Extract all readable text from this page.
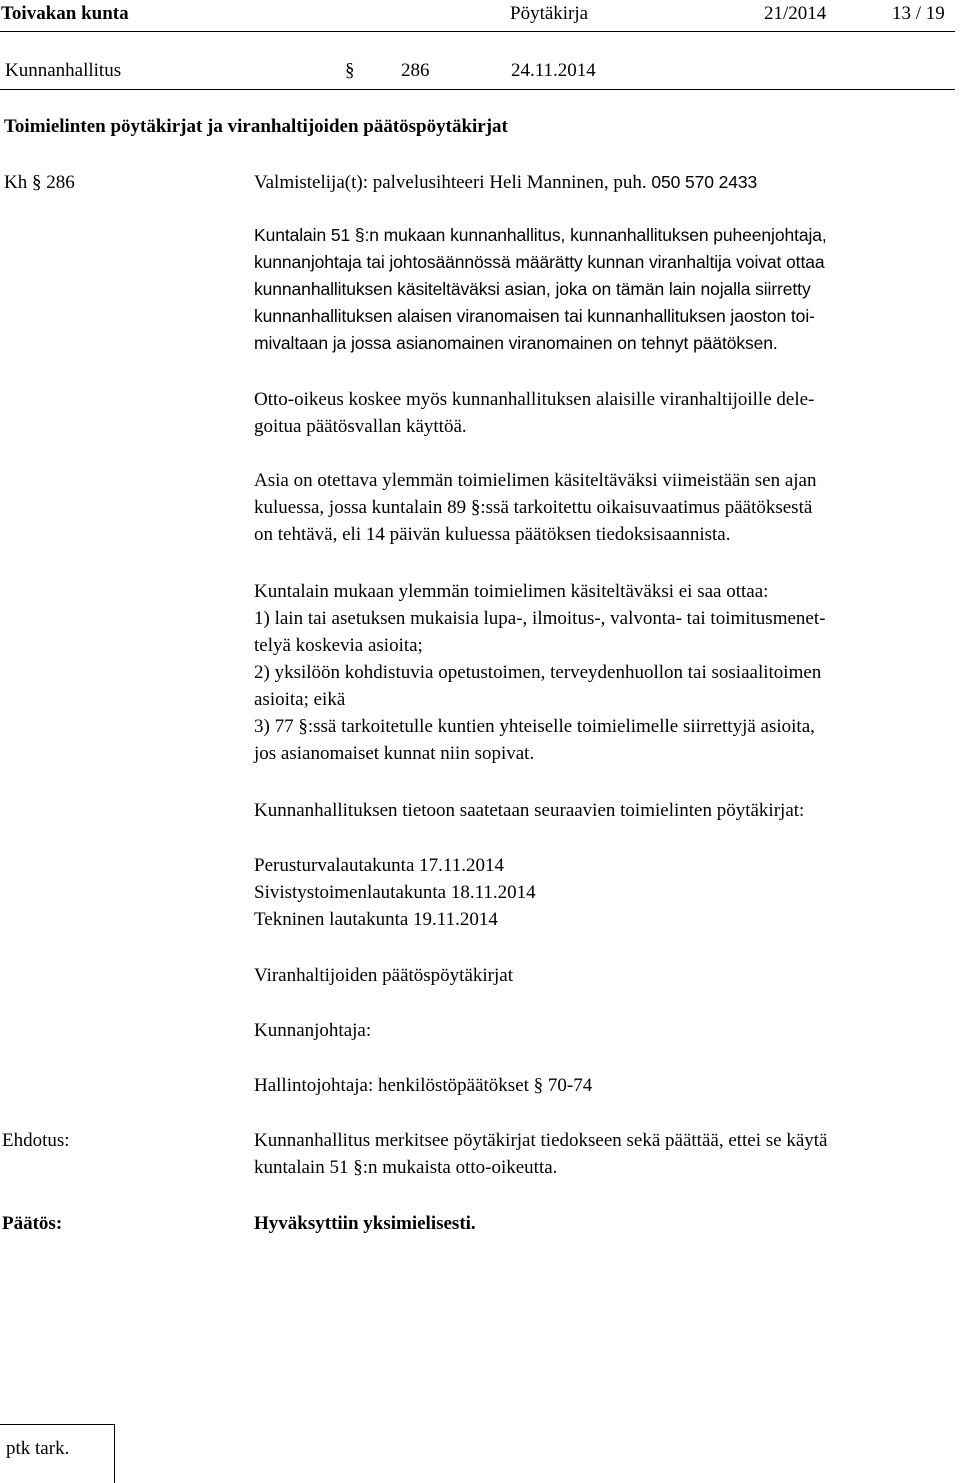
Toivakan kunta	Pöytäkirja	21/2014	13 / 19
Kunnanhallitus	§ 286	24.11.2014
Toimielinten pöytäkirjat ja viranhaltijoiden päätöspöytäkirjat
Kh § 286	Valmistelija(t): palvelusihteeri Heli Manninen, puh. 050 570 2433

Kuntalain 51 §:n mukaan kunnanhallitus, kunnanhallituksen puheenjohtaja,

kunnanjohtaja tai johtosäännössä määrätty kunnan viranhaltija voivat ottaa

kunnanhallituksen käsiteltäväksi asian, joka on tämän lain nojalla siirretty

kunnanhallituksen alaisen viranomaisen tai kunnanhallituksen jaoston toi-

mivaltaan ja jossa asianomainen viranomainen on tehnyt päätöksen.

Otto-oikeus koskee myös kunnanhallituksen alaisille viranhaltijoille dele-

goitua päätösvallan käyttöä.

Asia on otettava ylemmän toimielimen käsiteltäväksi viimeistään sen ajan

kuluessa, jossa kuntalain 89 §:ssä tarkoitettu oikaisuvaatimus päätöksestä

on tehtävä, eli 14 päivän kuluessa päätöksen tiedoksisaannista.

Kuntalain mukaan ylemmän toimielimen käsiteltäväksi ei saa ottaa:

1) lain tai asetuksen mukaisia lupa-, ilmoitus-, valvonta- tai toimitusmenet-

telyä koskevia asioita;

2) yksilöön kohdistuvia opetustoimen, terveydenhuollon tai sosiaalitoimen

asioita; eikä

3) 77 §:ssä tarkoitetulle kuntien yhteiselle toimielimelle siirrettyjä asioita,

jos asianomaiset kunnat niin sopivat.

Kunnanhallituksen tietoon saatetaan seuraavien toimielinten pöytäkirjat:

Perusturvalautakunta 17.11.2014

Sivistystoimenlautakunta 18.11.2014

Tekninen lautakunta 19.11.2014

Viranhaltijoiden päätöspöytäkirjat
Kunnanjohtaja:
Hallintojohtaja: henkilöstöpäätökset § 70-74
Ehdotus:	Kunnanhallitus merkitsee pöytäkirjat tiedokseen sekä päättää, ettei se käytä

kuntalain 51 §:n mukaista otto-oikeutta.

Päätös:	Hyväksyttiin yksimielisesti.
ptk tark.
